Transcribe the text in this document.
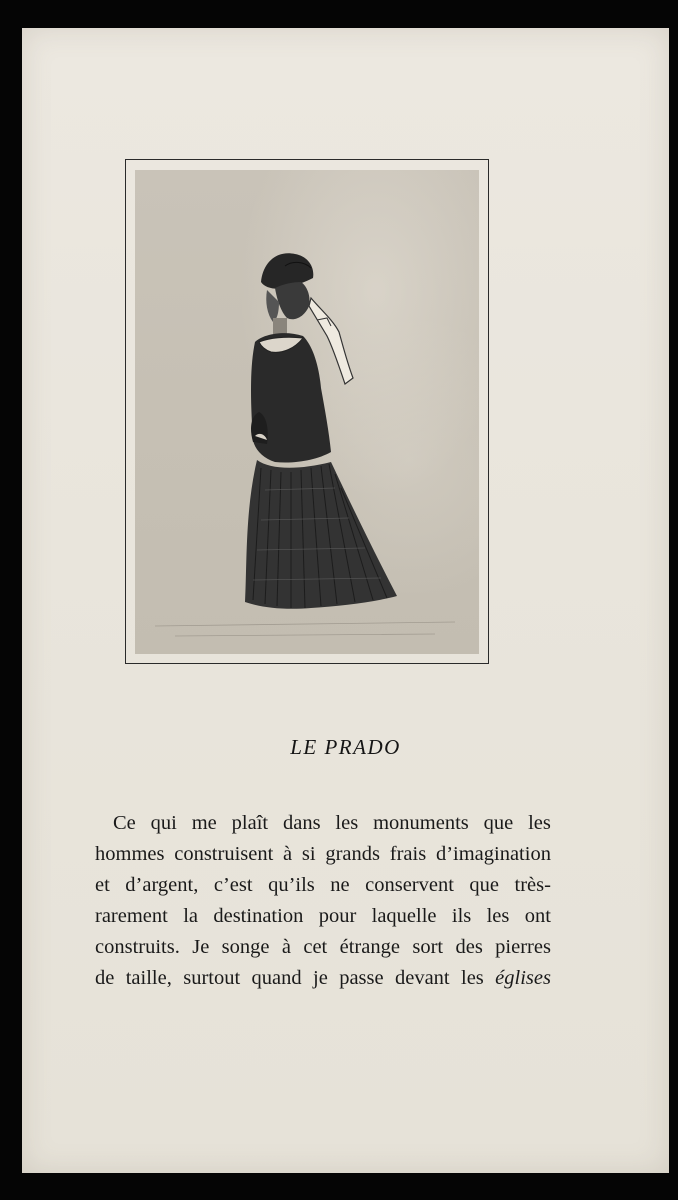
LE PRADO
Ce qui me plaît dans les monuments que les
hommes construisent à si grands frais d’imagination
et d’argent, c’est qu’ils ne conservent que très-
rarement la destination pour laquelle ils les ont
construits. Je songe à cet étrange sort des pierres
de taille, surtout quand je passe devant les églises
